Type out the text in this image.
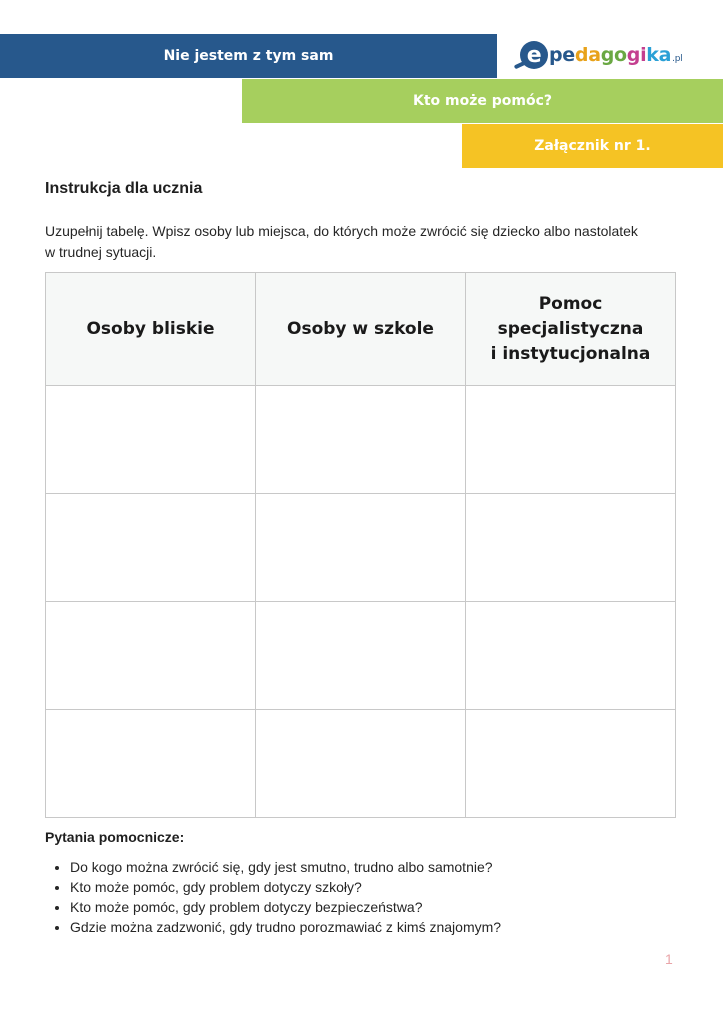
Nie jestem z tym sam	e pe da go gi ka .pl
Kto może pomóc?
Załącznik nr 1.
Instrukcja dla ucznia
Uzupełnij tabelę. Wpisz osoby lub miejsca, do których może zwrócić się dziecko albo nastolatek
w trudnej sytuacji.
Osoby bliskie	Osoby w szkole	Pomoc
specjalistyczna
i instytucjonalna

Pytania pomocnicze:
• Do kogo można zwrócić się, gdy jest smutno, trudno albo samotnie?
• Kto może pomóc, gdy problem dotyczy szkoły?
• Kto może pomóc, gdy problem dotyczy bezpieczeństwa?
• Gdzie można zadzwonić, gdy trudno porozmawiać z kimś znajomym?
1
